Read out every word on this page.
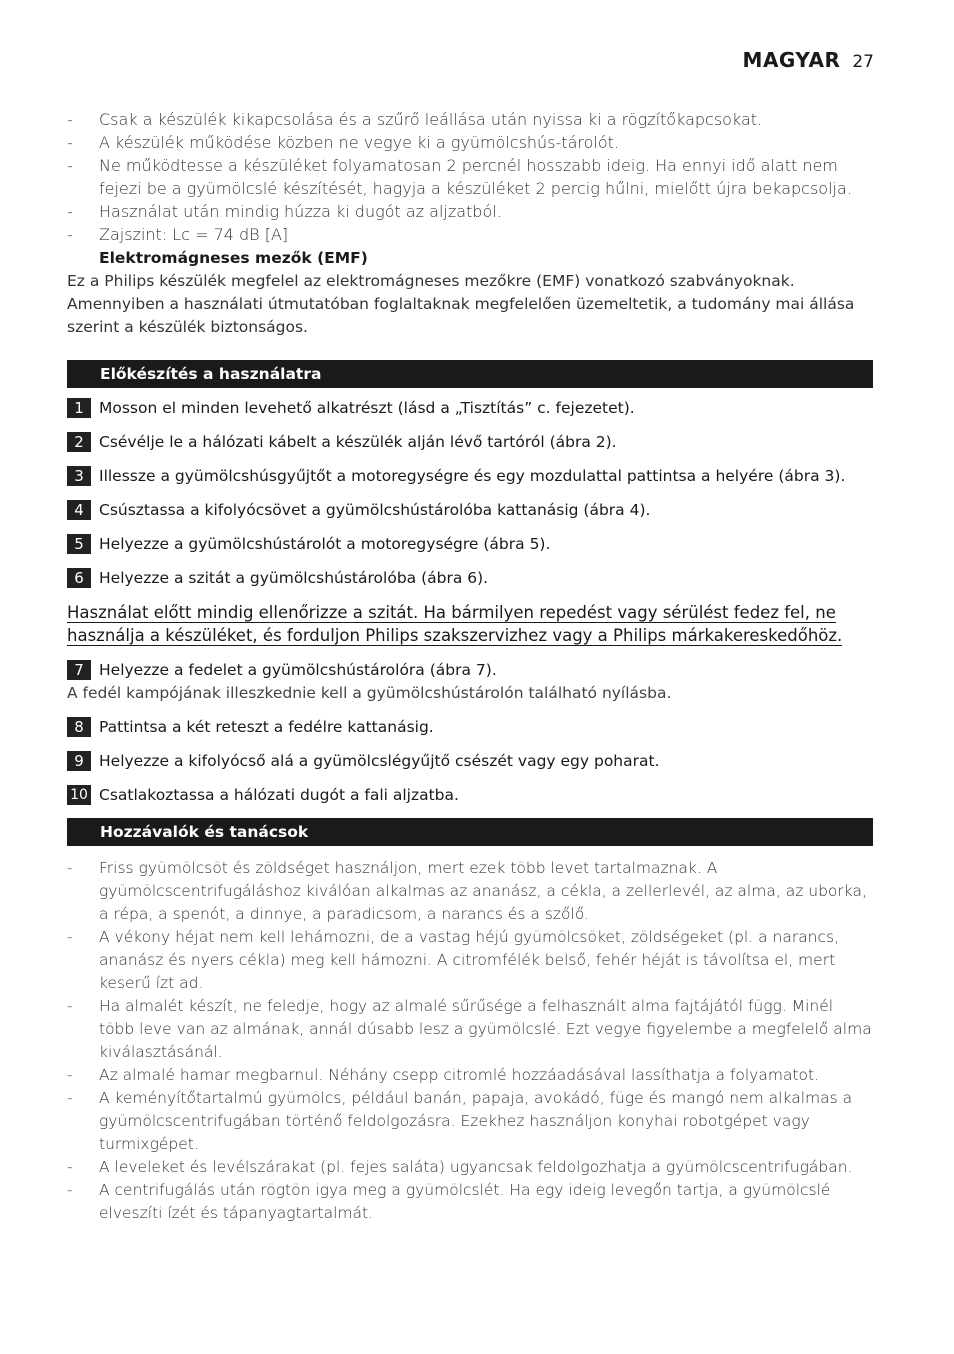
MAGYAR 27
- Csak a készülék kikapcsolása és a szűrő leállása után nyissa ki a rögzítőkapcsokat.
- A készülék működése közben ne vegye ki a gyümölcshús-tárolót.
- Ne működtesse a készüléket folyamatosan 2 percnél hosszabb ideig. Ha ennyi idő alatt nem fejezi be a gyümölcslé készítését, hagyja a készüléket 2 percig hűlni, mielőtt újra bekapcsolja.
- Használat után mindig húzza ki dugót az aljzatból.
- Zajszint: Lc = 74 dB [A]
Elektromágneses mezők (EMF)
Ez a Philips készülék megfelel az elektromágneses mezőkre (EMF) vonatkozó szabványoknak. Amennyiben a használati útmutatóban foglaltaknak megfelelően üzemeltetik, a tudomány mai állása szerint a készülék biztonságos.
Előkészítés a használatra
1 Mosson el minden levehető alkatrészt (lásd a „Tisztítás” c. fejezetet).
2 Csévélje le a hálózati kábelt a készülék alján lévő tartóról (ábra 2).
3 Illessze a gyümölcshúsgyűjtőt a motoregységre és egy mozdulattal pattintsa a helyére (ábra 3).
4 Csúsztassa a kifolyócsövet a gyümölcshústárolóba kattanásig (ábra 4).
5 Helyezze a gyümölcshústárolót a motoregységre (ábra 5).
6 Helyezze a szitát a gyümölcshústárolóba (ábra 6).
Használat előtt mindig ellenőrizze a szitát. Ha bármilyen repedést vagy sérülést fedez fel, ne használja a készüléket, és forduljon Philips szakszervizhez vagy a Philips márkakereskedőhöz.
7 Helyezze a fedelet a gyümölcshústárolóra (ábra 7).
A fedél kampójának illeszkednie kell a gyümölcshústárolón található nyílásba.
8 Pattintsa a két reteszt a fedélre kattanásig.
9 Helyezze a kifolyócső alá a gyümölcslégyűjtő csészét vagy egy poharat.
10 Csatlakoztassa a hálózati dugót a fali aljzatba.
Hozzávalók és tanácsok
- Friss gyümölcsöt és zöldséget használjon, mert ezek több levet tartalmaznak. A gyümölcscentrifugáláshoz kiválóan alkalmas az ananász, a cékla, a zellerlevél, az alma, az uborka, a répa, a spenót, a dinnye, a paradicsom, a narancs és a szőlő.
- A vékony héjat nem kell lehámozni, de a vastag héjú gyümölcsöket, zöldségeket (pl. a narancs, ananász és nyers cékla) meg kell hámozni. A citromfélék belső, fehér héját is távolítsa el, mert keserű ízt ad.
- Ha almalét készít, ne feledje, hogy az almalé sűrűsége a felhasznált alma fajtájától függ. Minél több leve van az almának, annál dúsabb lesz a gyümölcslé. Ezt vegye figyelembe a megfelelő alma kiválasztásánál.
- Az almalé hamar megbarnul. Néhány csepp citromlé hozzáadásával lassíthatja a folyamatot.
- A keményítőtartalmú gyümölcs, például banán, papaja, avokádó, füge és mangó nem alkalmas a gyümölcscentrifugában történő feldolgozásra. Ezekhez használjon konyhai robotgépet vagy turmixgépet.
- A leveleket és levélszárakat (pl. fejes saláta) ugyancsak feldolgozhatja a gyümölcscentrifugában.
- A centrifugálás után rögtön igya meg a gyümölcslét. Ha egy ideig levegőn tartja, a gyümölcslé elveszíti ízét és tápanyagtartalmát.
